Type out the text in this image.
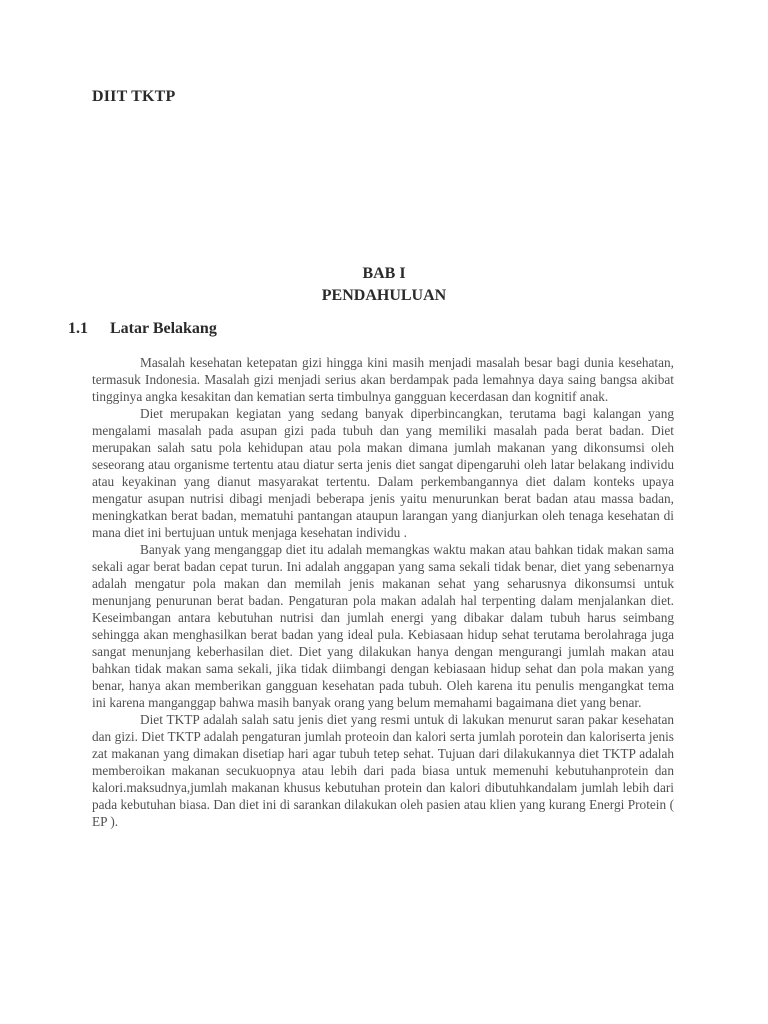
DIIT TKTP
BAB I
PENDAHULUAN
1.1 Latar Belakang

Masalah kesehatan ketepatan gizi hingga kini masih menjadi masalah besar bagi dunia kesehatan, termasuk Indonesia. Masalah gizi menjadi serius akan berdampak pada lemahnya daya saing bangsa akibat tingginya angka kesakitan dan kematian serta timbulnya gangguan kecerdasan dan kognitif anak.

Diet merupakan kegiatan yang sedang banyak diperbincangkan, terutama bagi kalangan yang mengalami masalah pada asupan gizi pada tubuh dan yang memiliki masalah pada berat badan. Diet merupakan salah satu pola kehidupan atau pola makan dimana jumlah makanan yang dikonsumsi oleh seseorang atau organisme tertentu atau diatur serta jenis diet sangat dipengaruhi oleh latar belakang individu atau keyakinan yang dianut masyarakat tertentu. Dalam perkembangannya diet dalam konteks upaya mengatur asupan nutrisi dibagi menjadi beberapa jenis yaitu menurunkan berat badan atau massa badan, meningkatkan berat badan, mematuhi pantangan ataupun larangan yang dianjurkan oleh tenaga kesehatan di mana diet ini bertujuan untuk menjaga kesehatan individu .

Banyak yang menganggap diet itu adalah memangkas waktu makan atau bahkan tidak makan sama sekali agar berat badan cepat turun. Ini adalah anggapan yang sama sekali tidak benar, diet yang sebenarnya adalah mengatur pola makan dan memilah jenis makanan sehat yang seharusnya dikonsumsi untuk menunjang penurunan berat badan. Pengaturan pola makan adalah hal terpenting dalam menjalankan diet. Keseimbangan antara kebutuhan nutrisi dan jumlah energi yang dibakar dalam tubuh harus seimbang sehingga akan menghasilkan berat badan yang ideal pula. Kebiasaan hidup sehat terutama berolahraga juga sangat menunjang keberhasilan diet. Diet yang dilakukan hanya dengan mengurangi jumlah makan atau bahkan tidak makan sama sekali, jika tidak diimbangi dengan kebiasaan hidup sehat dan pola makan yang benar, hanya akan memberikan gangguan kesehatan pada tubuh. Oleh karena itu penulis mengangkat tema ini karena manganggap bahwa masih banyak orang yang belum memahami bagaimana diet yang benar.

Diet TKTP adalah salah satu jenis diet yang resmi untuk di lakukan menurut saran pakar kesehatan dan gizi. Diet TKTP adalah pengaturan jumlah proteoin dan kalori serta jumlah porotein dan kaloriserta jenis zat makanan yang dimakan disetiap hari agar tubuh tetep sehat. Tujuan dari dilakukannya diet TKTP adalah memberoikan makanan secukuopnya atau lebih dari pada biasa untuk memenuhi kebutuhanprotein dan kalori.maksudnya,jumlah makanan khusus kebutuhan protein dan kalori dibutuhkandalam jumlah lebih dari pada kebutuhan biasa. Dan diet ini di sarankan dilakukan oleh pasien atau klien yang kurang Energi Protein ( EP ).
